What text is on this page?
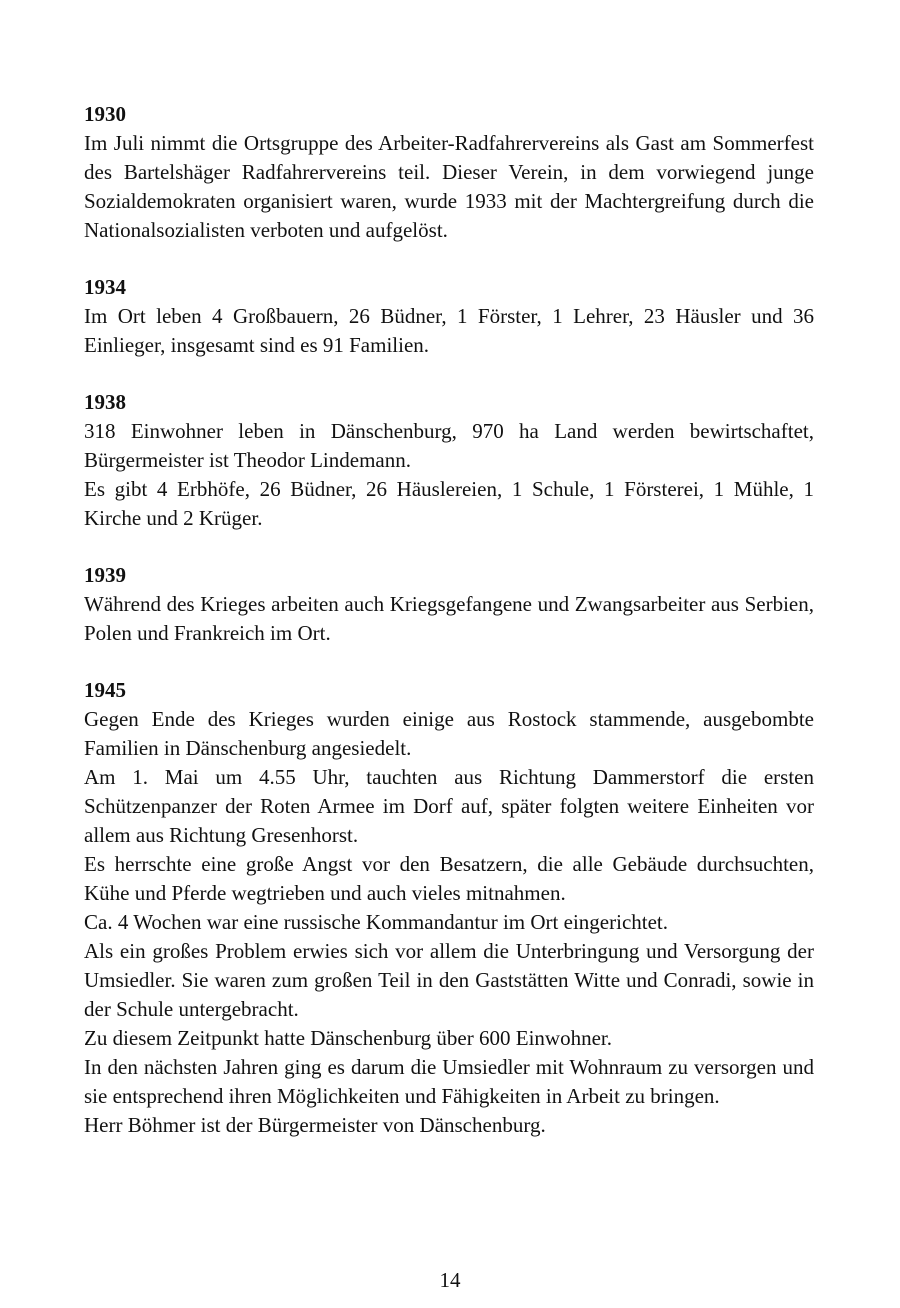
1930

Im Juli nimmt die Ortsgruppe des Arbeiter-Radfahrervereins als Gast am Sommerfest des Bartelshäger Radfahrervereins teil. Dieser Verein, in dem vorwiegend junge Sozialdemokraten organisiert waren, wurde 1933 mit der Machtergreifung durch die Nationalsozialisten verboten und aufgelöst.

1934

Im Ort leben 4 Großbauern, 26 Büdner, 1 Förster, 1 Lehrer, 23 Häusler und 36 Einlieger, insgesamt sind es 91 Familien.

1938

318 Einwohner leben in Dänschenburg, 970 ha Land werden bewirtschaftet, Bürgermeister ist Theodor Lindemann.

Es gibt 4 Erbhöfe, 26 Büdner, 26 Häuslereien, 1 Schule, 1 Försterei, 1 Mühle, 1 Kirche und 2 Krüger.

1939

Während des Krieges arbeiten auch Kriegsgefangene und Zwangsarbeiter aus Serbien, Polen und Frankreich im Ort.

1945

Gegen Ende des Krieges wurden einige aus Rostock stammende, ausgebombte Familien in Dänschenburg angesiedelt.

Am 1. Mai um 4.55 Uhr, tauchten aus Richtung Dammerstorf die ersten Schützenpanzer der Roten Armee im Dorf auf, später folgten weitere Einheiten vor allem aus Richtung Gresenhorst.

Es herrschte eine große Angst vor den Besatzern, die alle Gebäude durchsuchten, Kühe und Pferde wegtrieben und auch vieles mitnahmen.

Ca. 4 Wochen war eine russische Kommandantur im Ort eingerichtet.

Als ein großes Problem erwies sich vor allem die Unterbringung und Versorgung der Umsiedler. Sie waren zum großen Teil in den Gaststätten Witte und Conradi, sowie in der Schule untergebracht.

Zu diesem Zeitpunkt hatte Dänschenburg über 600 Einwohner.

In den nächsten Jahren ging es darum die Umsiedler mit Wohnraum zu versorgen und sie entsprechend ihren Möglichkeiten und Fähigkeiten in Arbeit zu bringen.

Herr Böhmer ist der Bürgermeister von Dänschenburg.

14
